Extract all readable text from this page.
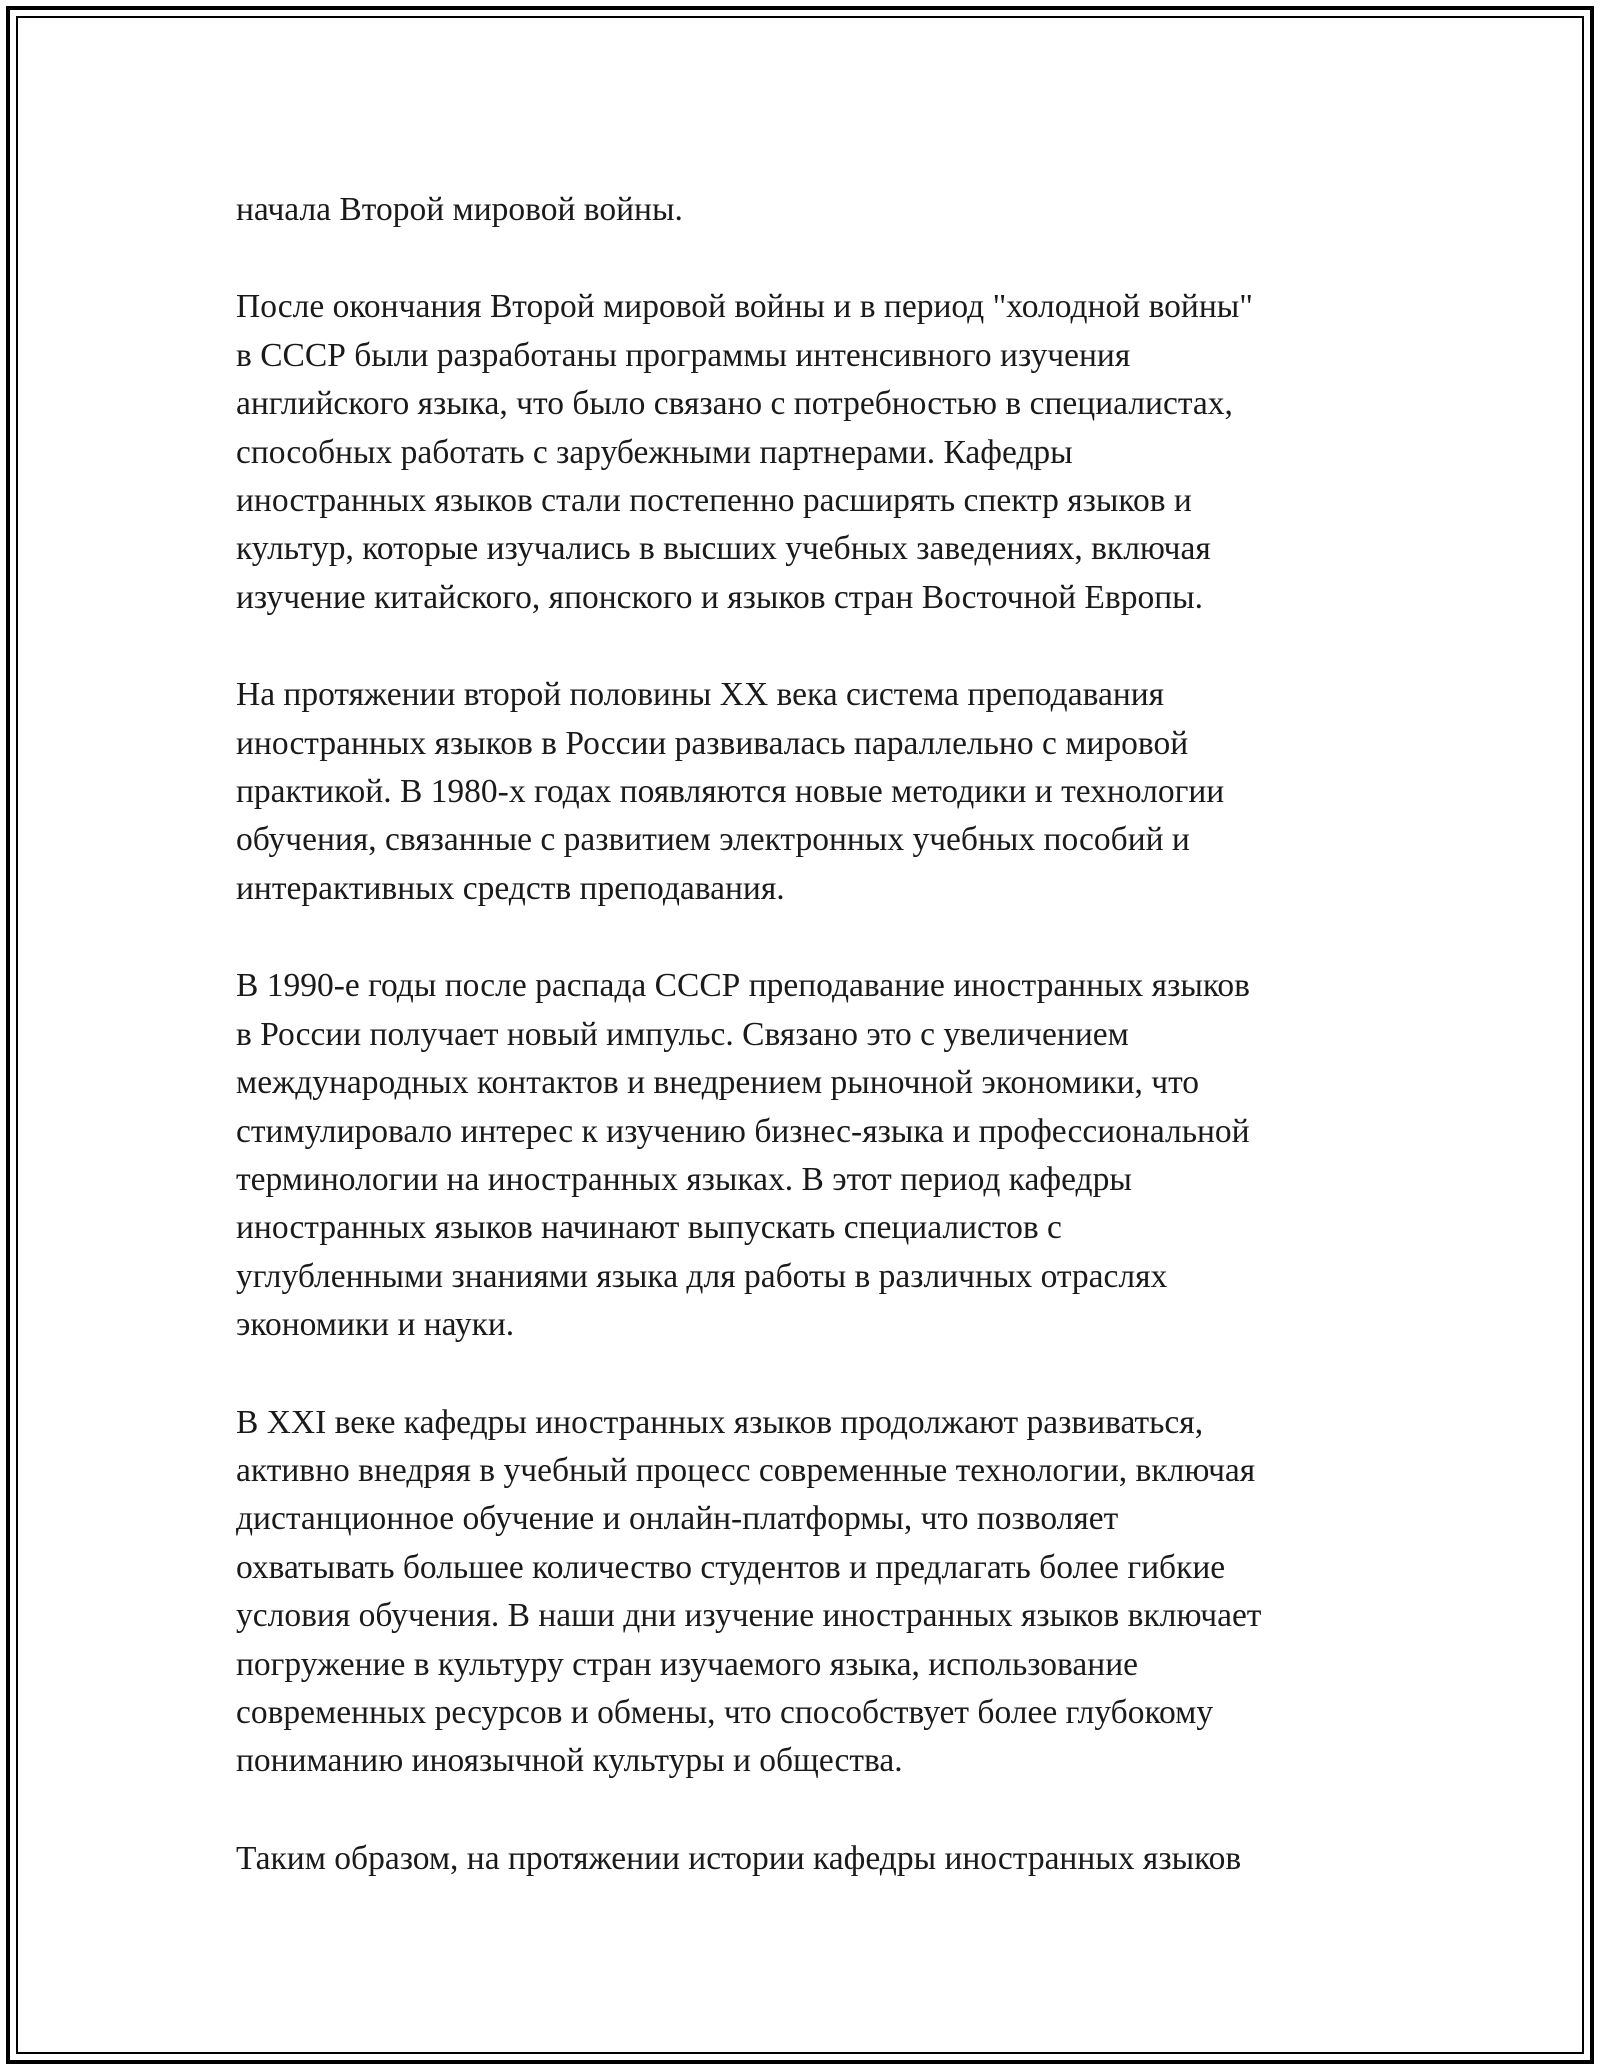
начала Второй мировой войны.

После окончания Второй мировой войны и в период "холодной войны"
в СССР были разработаны программы интенсивного изучения
английского языка, что было связано с потребностью в специалистах,
способных работать с зарубежными партнерами. Кафедры
иностранных языков стали постепенно расширять спектр языков и
культур, которые изучались в высших учебных заведениях, включая
изучение китайского, японского и языков стран Восточной Европы.

На протяжении второй половины XX века система преподавания
иностранных языков в России развивалась параллельно с мировой
практикой. В 1980-х годах появляются новые методики и технологии
обучения, связанные с развитием электронных учебных пособий и
интерактивных средств преподавания.

В 1990-е годы после распада СССР преподавание иностранных языков
в России получает новый импульс. Связано это с увеличением
международных контактов и внедрением рыночной экономики, что
стимулировало интерес к изучению бизнес-языка и профессиональной
терминологии на иностранных языках. В этот период кафедры
иностранных языков начинают выпускать специалистов с
углубленными знаниями языка для работы в различных отраслях
экономики и науки.

В XXI веке кафедры иностранных языков продолжают развиваться,
активно внедряя в учебный процесс современные технологии, включая
дистанционное обучение и онлайн-платформы, что позволяет
охватывать большее количество студентов и предлагать более гибкие
условия обучения. В наши дни изучение иностранных языков включает
погружение в культуру стран изучаемого языка, использование
современных ресурсов и обмены, что способствует более глубокому
пониманию иноязычной культуры и общества.

Таким образом, на протяжении истории кафедры иностранных языков
